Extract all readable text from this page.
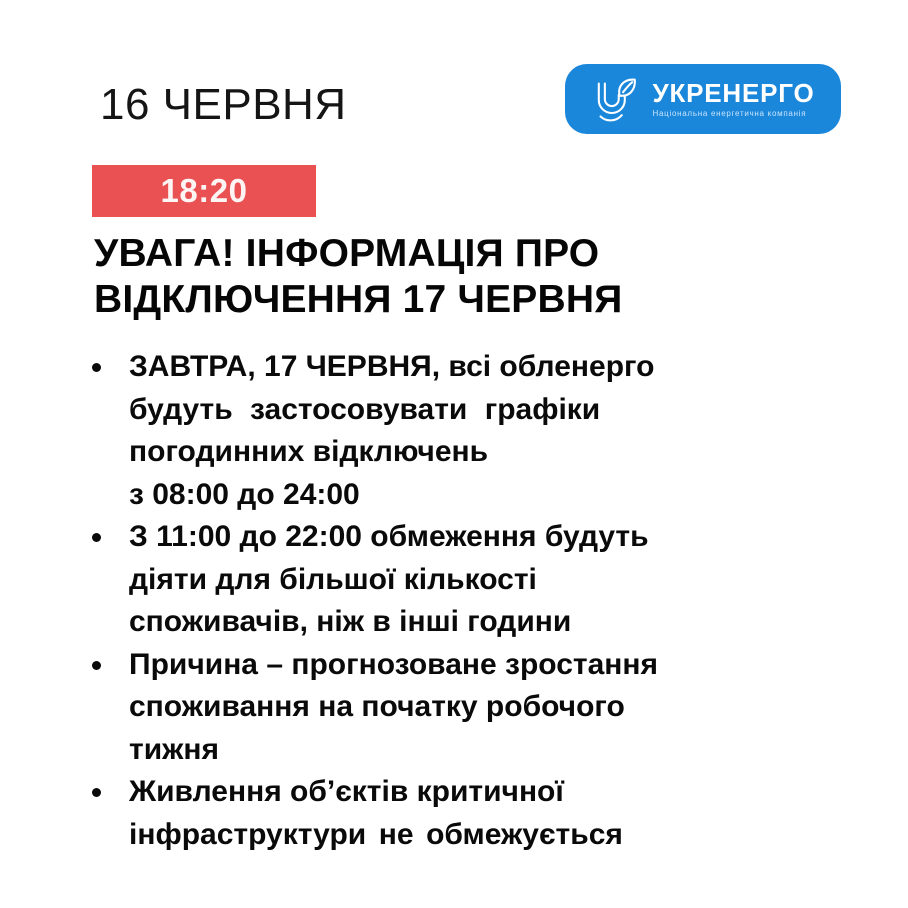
16 ЧЕРВНЯ	УКРЕНЕРГО
Національна енергетична компанія
18:20
УВАГА! ІНФОРМАЦІЯ ПРО
ВІДКЛЮЧЕННЯ 17 ЧЕРВНЯ
ЗАВТРА, 17 ЧЕРВНЯ, всі обленерго
будуть застосовувати графіки
погодинних відключень
з 08:00 до 24:00
З 11:00 до 22:00 обмеження будуть
діяти для більшої кількості
споживачів, ніж в інші години
Причина – прогнозоване зростання
споживання на початку робочого
тижня
Живлення об’єктів критичної
інфраструктури не обмежується
